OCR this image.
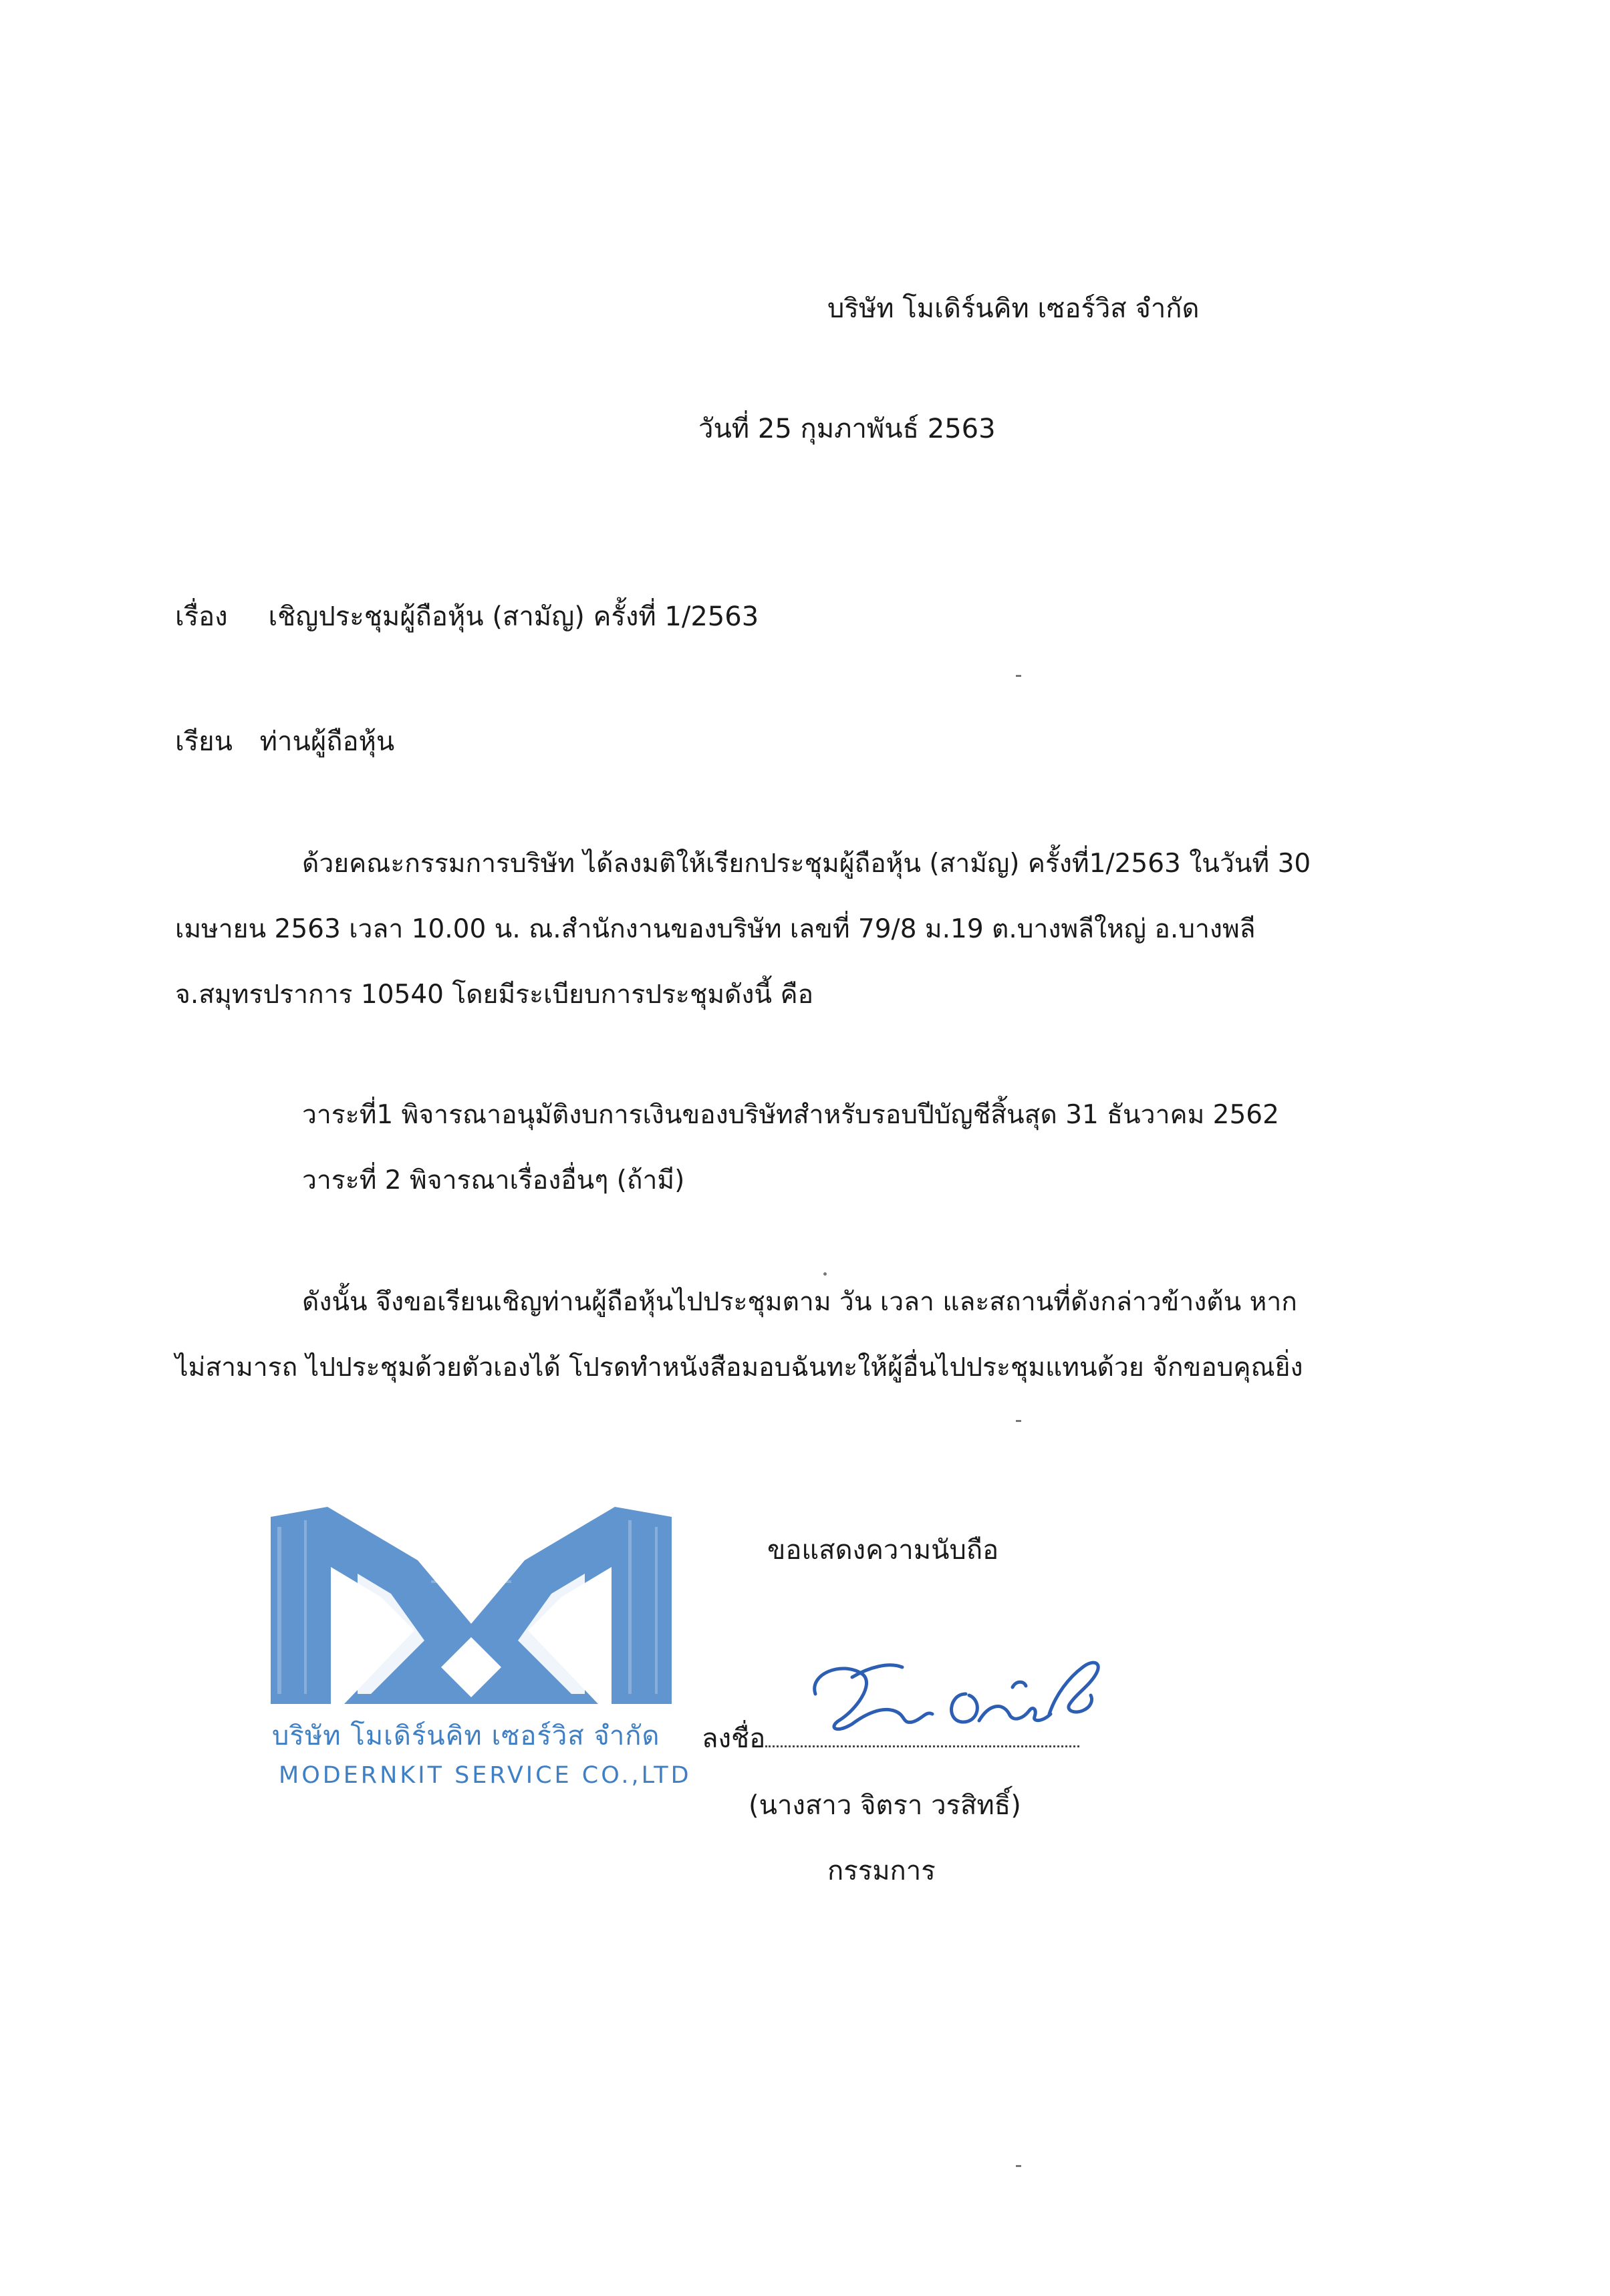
บริษัท โมเดิร์นคิท เซอร์วิส จำกัด
วันที่ 25 กุมภาพันธ์ 2563
เรื่อง เชิญประชุมผู้ถือหุ้น (สามัญ) ครั้งที่ 1/2563
เรียน ท่านผู้ถือหุ้น
ด้วยคณะกรรมการบริษัท ได้ลงมติให้เรียกประชุมผู้ถือหุ้น (สามัญ) ครั้งที่1/2563 ในวันที่ 30
เมษายน 2563 เวลา 10.00 น. ณ.สำนักงานของบริษัท เลขที่ 79/8 ม.19 ต.บางพลีใหญ่ อ.บางพลี
จ.สมุทรปราการ 10540 โดยมีระเบียบการประชุมดังนี้ คือ
วาระที่1 พิจารณาอนุมัติงบการเงินของบริษัทสำหรับรอบปีบัญชีสิ้นสุด 31 ธันวาคม 2562
วาระที่ 2 พิจารณาเรื่องอื่นๆ (ถ้ามี)
ดังนั้น จึงขอเรียนเชิญท่านผู้ถือหุ้นไปประชุมตาม วัน เวลา และสถานที่ดังกล่าวข้างต้น หาก
ไม่สามารถ ไปประชุมด้วยตัวเองได้ โปรดทำหนังสือมอบฉันทะให้ผู้อื่นไปประชุมแทนด้วย จักขอบคุณยิ่ง
ขอแสดงความนับถือ
ลงชื่อ
(นางสาว จิตรา วรสิทธิ์)
กรรมการ
บริษัท โมเดิร์นคิท เซอร์วิส จำกัด
MODERNKIT SERVICE CO.,LTD
